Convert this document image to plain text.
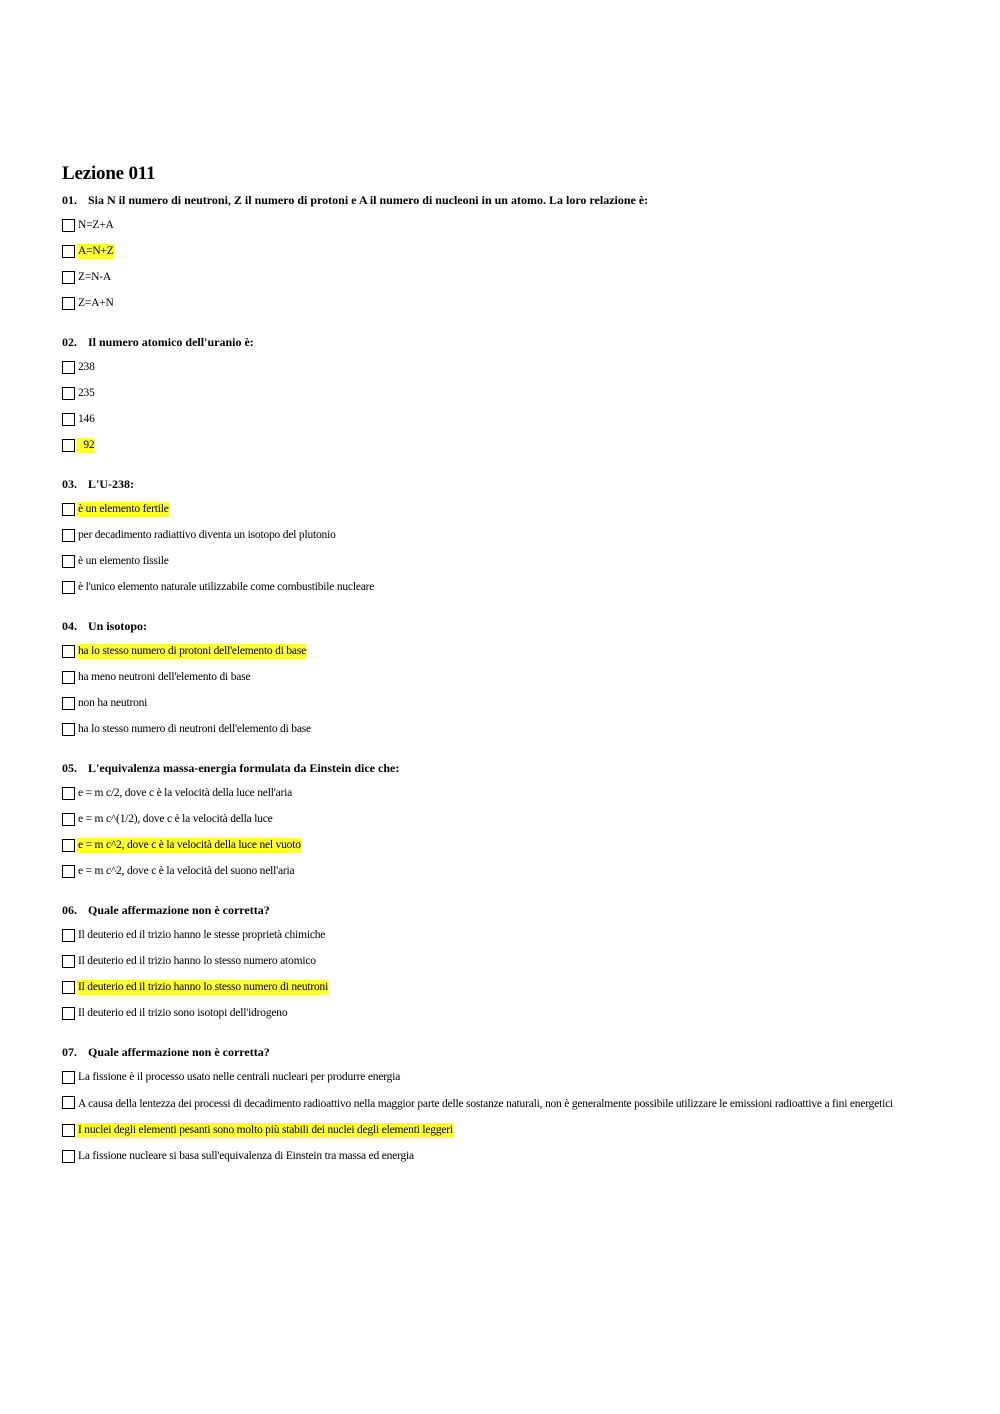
Lezione 011
01. Sia N il numero di neutroni, Z il numero di protoni e A il numero di nucleoni in un atomo. La loro relazione è:
N=Z+A
A=N+Z
Z=N-A
Z=A+N
02. Il numero atomico dell'uranio è:
238
235
146
92
03. L'U-238:
è un elemento fertile
per decadimento radiattivo diventa un isotopo del plutonio
è un elemento fissile
è l'unico elemento naturale utilizzabile come combustibile nucleare
04. Un isotopo:
ha lo stesso numero di protoni dell'elemento di base
ha meno neutroni dell'elemento di base
non ha neutroni
ha lo stesso numero di neutroni dell'elemento di base
05. L'equivalenza massa-energia formulata da Einstein dice che:
e = m c/2, dove c è la velocità della luce nell'aria
e = m c^(1/2), dove c è la velocità della luce
e = m c^2, dove c è la velocità della luce nel vuoto
e = m c^2, dove c è la velocità del suono nell'aria
06. Quale affermazione non è corretta?
Il deuterio ed il trizio hanno le stesse proprietà chimiche
Il deuterio ed il trizio hanno lo stesso numero atomico
Il deuterio ed il trizio hanno lo stesso numero di neutroni
Il deuterio ed il trizio sono isotopi dell'idrogeno
07. Quale affermazione non è corretta?
La fissione è il processo usato nelle centrali nucleari per produrre energia
A causa della lentezza dei processi di decadimento radioattivo nella maggior parte delle sostanze naturali, non è generalmente possibile utilizzare le emissioni radioattive a fini energetici
I nuclei degli elementi pesanti sono molto più stabili dei nuclei degli elementi leggeri
La fissione nucleare si basa sull'equivalenza di Einstein tra massa ed energia
